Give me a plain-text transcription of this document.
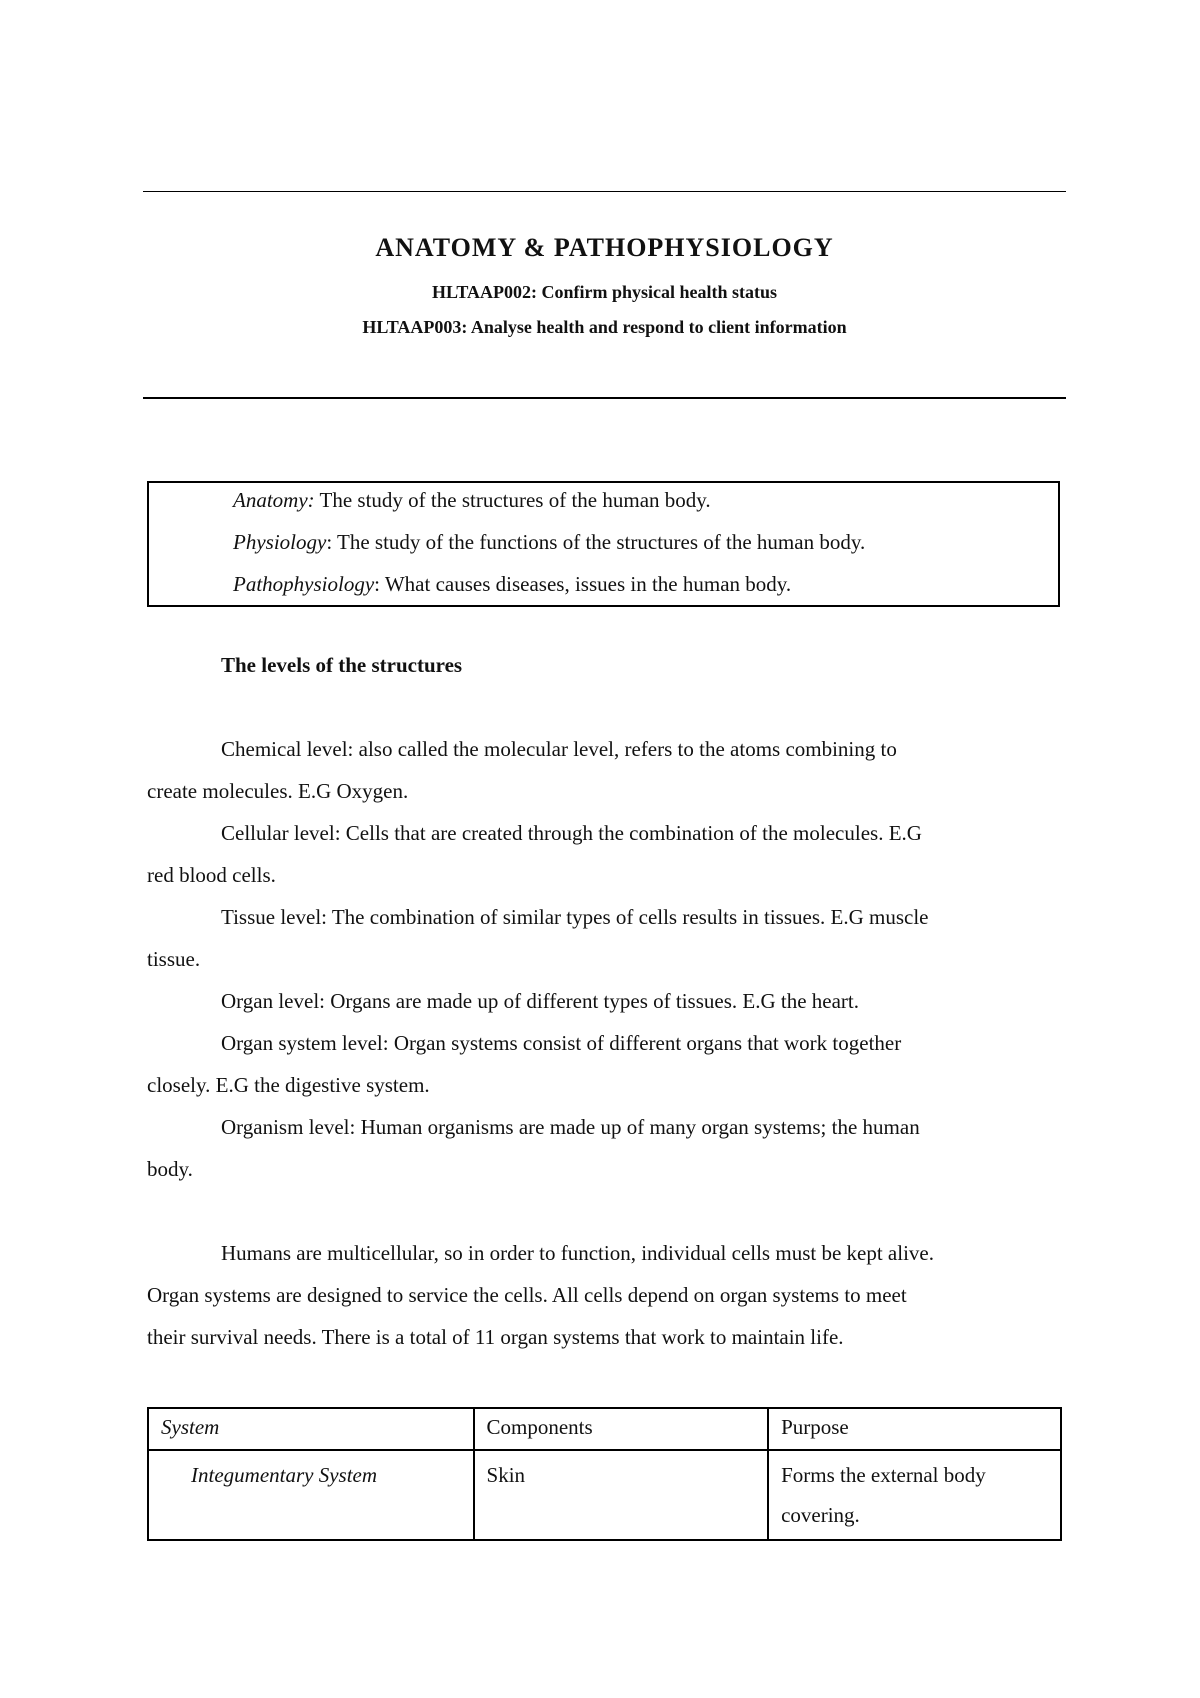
ANATOMY & PATHOPHYSIOLOGY
HLTAAP002: Confirm physical health status
HLTAAP003: Analyse health and respond to client information
Anatomy: The study of the structures of the human body.
Physiology: The study of the functions of the structures of the human body.
Pathophysiology: What causes diseases, issues in the human body.
The levels of the structures
Chemical level: also called the molecular level, refers to the atoms combining to
create molecules. E.G Oxygen.
Cellular level: Cells that are created through the combination of the molecules. E.G
red blood cells.
Tissue level: The combination of similar types of cells results in tissues. E.G muscle
tissue.
Organ level: Organs are made up of different types of tissues. E.G the heart.
Organ system level: Organ systems consist of different organs that work together
closely. E.G the digestive system.
Organism level: Human organisms are made up of many organ systems; the human
body.
Humans are multicellular, so in order to function, individual cells must be kept alive.
Organ systems are designed to service the cells. All cells depend on organ systems to meet
their survival needs. There is a total of 11 organ systems that work to maintain life.
System	Components	Purpose
Integumentary System	Skin	Forms the external body
covering.
